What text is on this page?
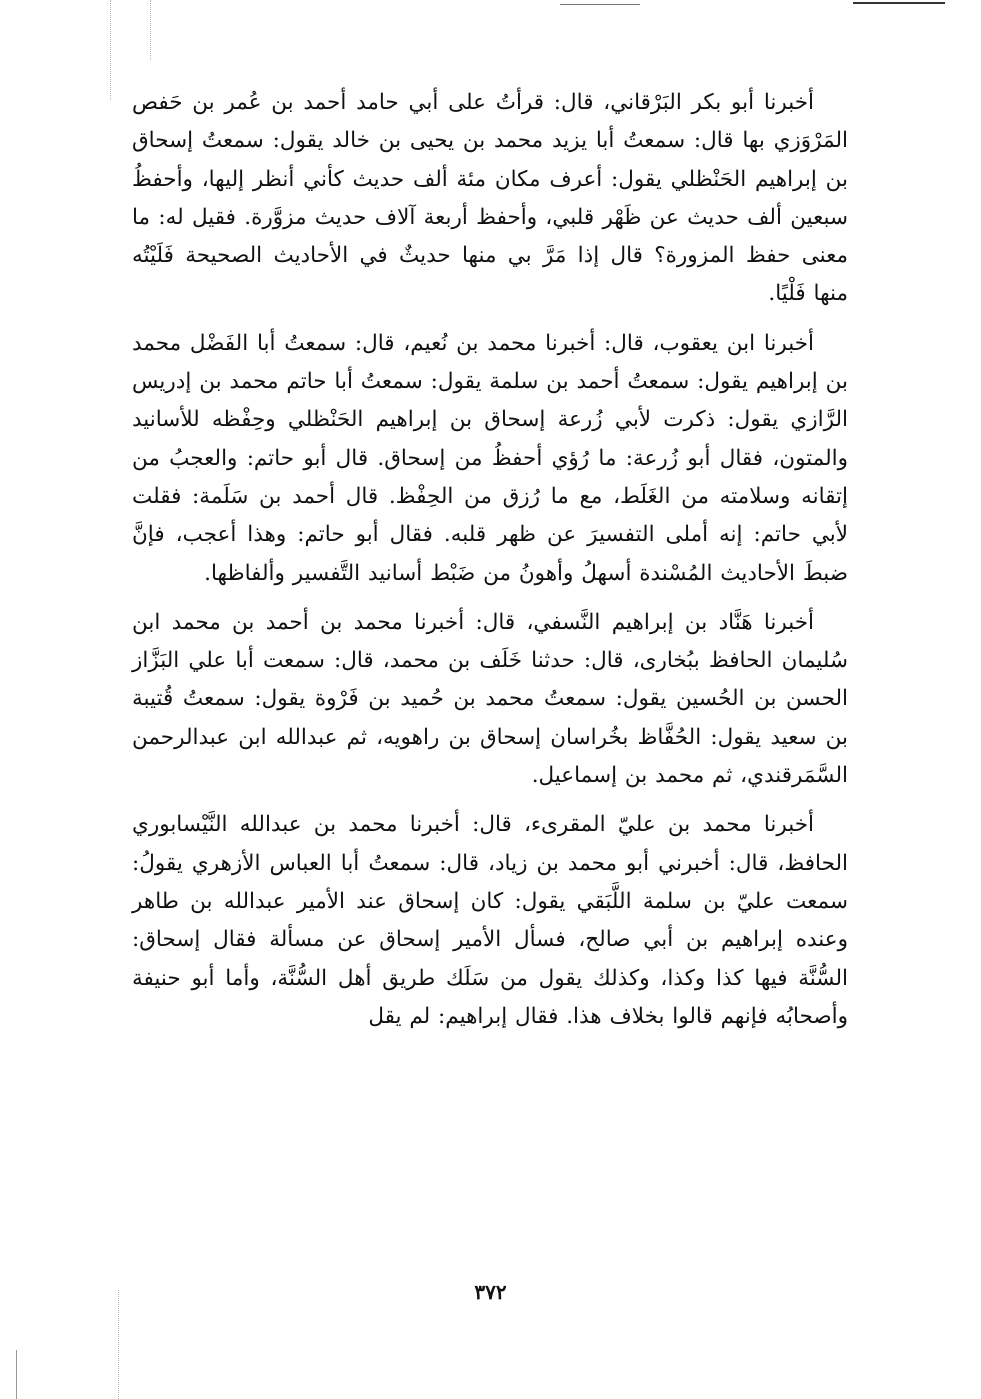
أخبرنا أبو بكر البَرْقاني، قال: قرأتُ على أبي حامد أحمد بن عُمر بن حَفص المَرْوَزي بها قال: سمعتُ أبا يزيد محمد بن يحيى بن خالد يقول: سمعتُ إسحاق بن إبراهيم الحَنْظلي يقول: أعرف مكان مئة ألف حديث كأني أنظر إليها، وأحفظُ سبعين ألف حديث عن ظَهْر قلبي، وأحفظ أربعة آلاف حديث مزوَّرة. فقيل له: ما معنى حفظ المزورة؟ قال إذا مَرَّ بي منها حديثٌ في الأحاديث الصحيحة فَلَيْتُه منها فَلْيًا.

أخبرنا ابن يعقوب، قال: أخبرنا محمد بن نُعيم، قال: سمعتُ أبا الفَضْل محمد بن إبراهيم يقول: سمعتُ أحمد بن سلمة يقول: سمعتُ أبا حاتم محمد بن إدريس الرَّازي يقول: ذكرت لأبي زُرعة إسحاق بن إبراهيم الحَنْظلي وحِفْظه للأسانيد والمتون، فقال أبو زُرعة: ما رُؤي أحفظُ من إسحاق. قال أبو حاتم: والعجبُ من إتقانه وسلامته من الغَلَط، مع ما رُزق من الحِفْظ. قال أحمد بن سَلَمة: فقلت لأبي حاتم: إنه أملى التفسيرَ عن ظهر قلبه. فقال أبو حاتم: وهذا أعجب، فإنَّ ضبطَ الأحاديث المُسْندة أسهلُ وأهونُ من ضَبْط أسانيد التَّفسير وألفاظها.

أخبرنا هَنَّاد بن إبراهيم النَّسفي، قال: أخبرنا محمد بن أحمد بن محمد ابن سُليمان الحافظ ببُخارى، قال: حدثنا خَلَف بن محمد، قال: سمعت أبا علي البَزَّاز الحسن بن الحُسين يقول: سمعتُ محمد بن حُميد بن فَرْوة يقول: سمعتُ قُتيبة بن سعيد يقول: الحُفَّاظ بخُراسان إسحاق بن راهويه، ثم عبدالله ابن عبدالرحمن السَّمَرقندي، ثم محمد بن إسماعيل.

أخبرنا محمد بن عليّ المقرىء، قال: أخبرنا محمد بن عبدالله النَّيْسابوري الحافظ، قال: أخبرني أبو محمد بن زياد، قال: سمعتُ أبا العباس الأزهري يقولُ: سمعت عليّ بن سلمة اللَّبَقي يقول: كان إسحاق عند الأمير عبدالله بن طاهر وعنده إبراهيم بن أبي صالح، فسأل الأمير إسحاق عن مسألة فقال إسحاق: السُّنَّة فيها كذا وكذا، وكذلك يقول من سَلَك طريق أهل السُّنَّة، وأما أبو حنيفة وأصحابُه فإنهم قالوا بخلاف هذا. فقال إبراهيم: لم يقل

٣٧٢
